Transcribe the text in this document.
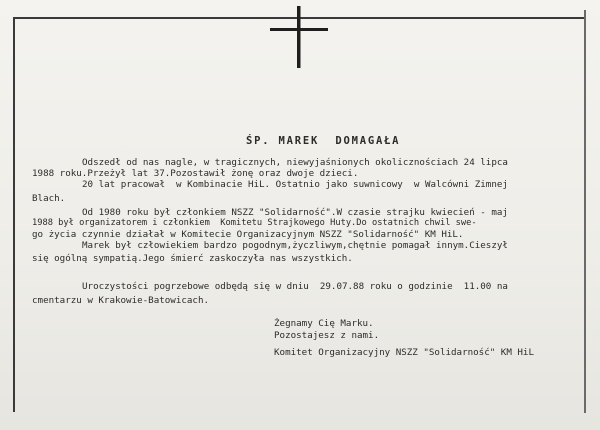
ŚP. MAREK  DOMAGAŁA
Odszedł od nas nagle, w tragicznych, niewyjaśnionych okolicznościach 24 lipca
1988 roku.Przeżył lat 37.Pozostawił żonę oraz dwoje dzieci.
20 lat pracował  w Kombinacie HiL. Ostatnio jako suwnicowy  w Walcówni Zimnej
Blach.
Od 1980 roku był członkiem NSZZ "Solidarność".W czasie strajku kwiecień - maj
1988 był organizatorem i członkiem  Komitetu Strajkowego Huty.Do ostatnich chwil swe-
go życia czynnie działał w Komitecie Organizacyjnym NSZZ "Solidarność" KM HiL.
Marek był człowiekiem bardzo pogodnym,życzliwym,chętnie pomagał innym.Cieszył
się ogólną sympatią.Jego śmierć zaskoczyła nas wszystkich.
Uroczystości pogrzebowe odbędą się w dniu  29.07.88 roku o godzinie  11.00 na
cmentarzu w Krakowie-Batowicach.
Żegnamy Cię Marku.
Pozostajesz z nami.
Komitet Organizacyjny NSZZ "Solidarność" KM HiL
